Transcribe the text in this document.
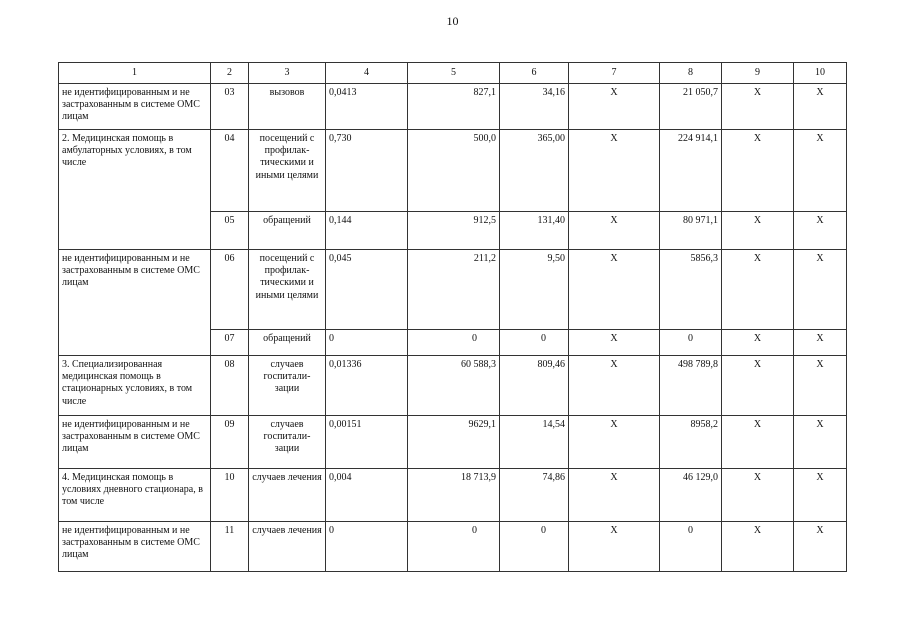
10
1	2	3	4	5	6	7	8	9	10
не идентифицированным и не застрахованным в системе ОМС лицам	03	вызовов	0,0413	827,1	34,16	X	21 050,7	X	X
2. Медицинская помощь в амбулаторных условиях, в том числе	04	посещений с профилак-тическими и иными целями	0,730	500,0	365,00	X	224 914,1	X	X
	05	обращений	0,144	912,5	131,40	X	80 971,1	X	X
не идентифицированным и не застрахованным в системе ОМС лицам	06	посещений с профилак-тическими и иными целями	0,045	211,2	9,50	X	5856,3	X	X
	07	обращений	0	0	0	X	0	X	X
3. Специализированная медицинская помощь в стационарных условиях, в том числе	08	случаев госпитали-зации	0,01336	60 588,3	809,46	X	498 789,8	X	X
не идентифицированным и не застрахованным в системе ОМС лицам	09	случаев госпитали-зации	0,00151	9629,1	14,54	X	8958,2	X	X
4. Медицинская помощь в условиях дневного стационара, в том числе	10	случаев лечения	0,004	18 713,9	74,86	X	46 129,0	X	X
не идентифицированным и не застрахованным в системе ОМС лицам	11	случаев лечения	0	0	0	X	0	X	X
